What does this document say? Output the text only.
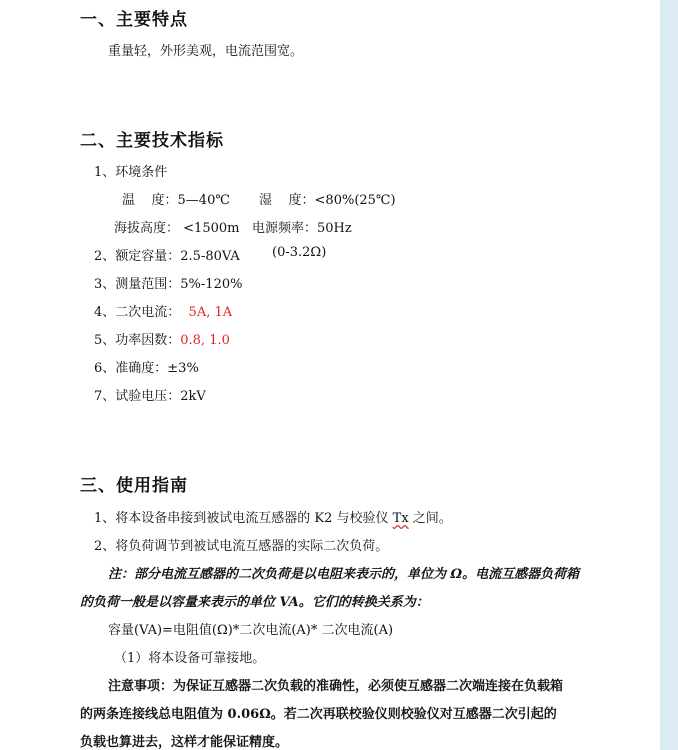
一、主要特点
重量轻，外形美观，电流范围宽。
二、主要技术指标
1、环境条件
温    度：5—40℃ 湿    度：<80%(25℃)
海拔高度： <1500m 电源频率：50Hz
2、额定容量：2.5-80VA (0-3.2Ω)
3、测量范围：5%-120%
4、二次电流： 5A, 1A
5、功率因数：0.8, 1.0
6、准确度：±3%
7、试验电压：2kV
三、使用指南
1、将本设备串接到被试电流互感器的 K2 与校验仪 Tx 之间。
2、将负荷调节到被试电流互感器的实际二次负荷。
注：部分电流互感器的二次负荷是以电阻来表示的，单位为 Ω。电流互感器负荷箱
的负荷一般是以容量来表示的单位 VA。它们的转换关系为：
容量(VA)=电阻值(Ω)*二次电流(A)* 二次电流(A)
（1）将本设备可靠接地。
注意事项：为保证互感器二次负载的准确性，必须使互感器二次端连接在负载箱
的两条连接线总电阻值为 0.06Ω。若二次再联校验仪则校验仪对互感器二次引起的
负载也算进去，这样才能保证精度。
